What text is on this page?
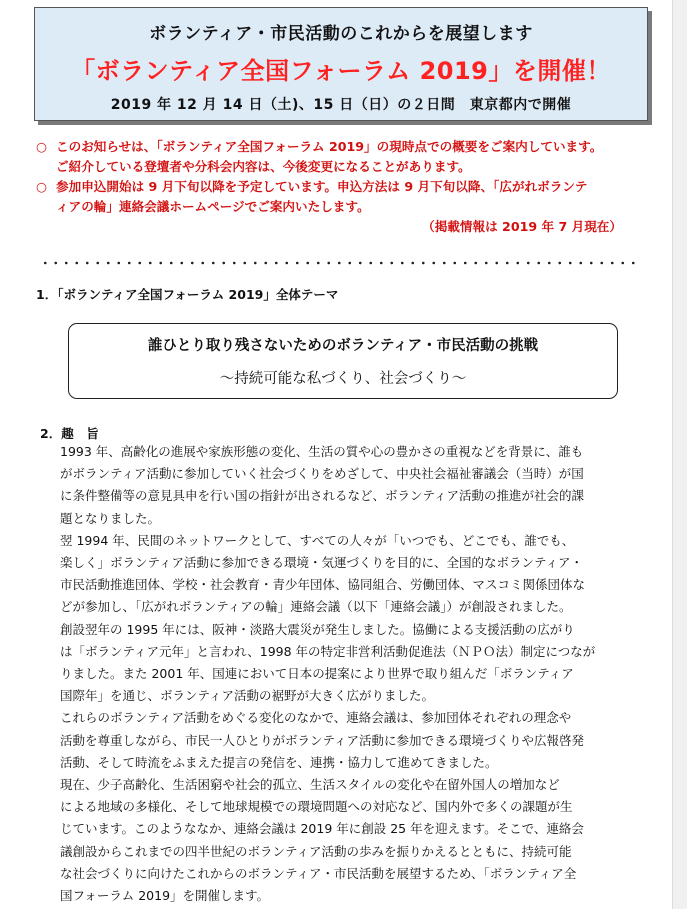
ボランティア・市民活動のこれからを展望します
「ボランティア全国フォーラム 2019」を開催！
2019 年 12 月 14 日（土)、15 日（日）の２日間　東京都内で開催
○ このお知らせは、｢ボランティア全国フォーラム 2019」の現時点での概要をご案内しています。
ご紹介している登壇者や分科会内容は、今後変更になることがあります。
○ 参加申込開始は 9 月下旬以降を予定しています。申込方法は 9 月下旬以降、｢広がれボランテ
ィアの輪」連絡会議ホームページでご案内いたします。
（掲載情報は 2019 年 7 月現在）
1．｢ボランティア全国フォーラム 2019」全体テーマ
誰ひとり取り残さないためのボランティア・市民活動の挑戦
～持続可能な私づくり、社会づくり～
2．趣　旨

1993 年、高齢化の進展や家族形態の変化、生活の質や心の豊かさの重視などを背景に、誰も
がボランティア活動に参加していく社会づくりをめざして、中央社会福祉審議会（当時）が国
に条件整備等の意見具申を行い国の指針が出されるなど、ボランティア活動の推進が社会的課
題となりました。

翌 1994 年、民間のネットワークとして、すべての人々が「いつでも、どこでも、誰でも、
楽しく」ボランティア活動に参加できる環境・気運づくりを目的に、全国的なボランティア・
市民活動推進団体、学校・社会教育・青少年団体、協同組合、労働団体、マスコミ関係団体な
どが参加し、「広がれボランティアの輪」連絡会議（以下「連絡会議」）が創設されました。

創設翌年の 1995 年には、阪神・淡路大震災が発生しました。協働による支援活動の広がり
は「ボランティア元年」と言われ、1998 年の特定非営利活動促進法（ＮＰＯ法）制定につなが
りました。また 2001 年、国連において日本の提案により世界で取り組んだ「ボランティア
国際年」を通じ、ボランティア活動の裾野が大きく広がりました。

これらのボランティア活動をめぐる変化のなかで、連絡会議は、参加団体それぞれの理念や
活動を尊重しながら、市民一人ひとりがボランティア活動に参加できる環境づくりや広報啓発
活動、そして時流をふまえた提言の発信を、連携・協力して進めてきました。

現在、少子高齢化、生活困窮や社会的孤立、生活スタイルの変化や在留外国人の増加など
による地域の多様化、そして地球規模での環境問題への対応など、国内外で多くの課題が生
じています。このようななか、連絡会議は 2019 年に創設 25 年を迎えます。そこで、連絡会
議創設からこれまでの四半世紀のボランティア活動の歩みを振りかえるとともに、持続可能
な社会づくりに向けたこれからのボランティア・市民活動を展望するため、｢ボランティア全
国フォーラム 2019」を開催します。
